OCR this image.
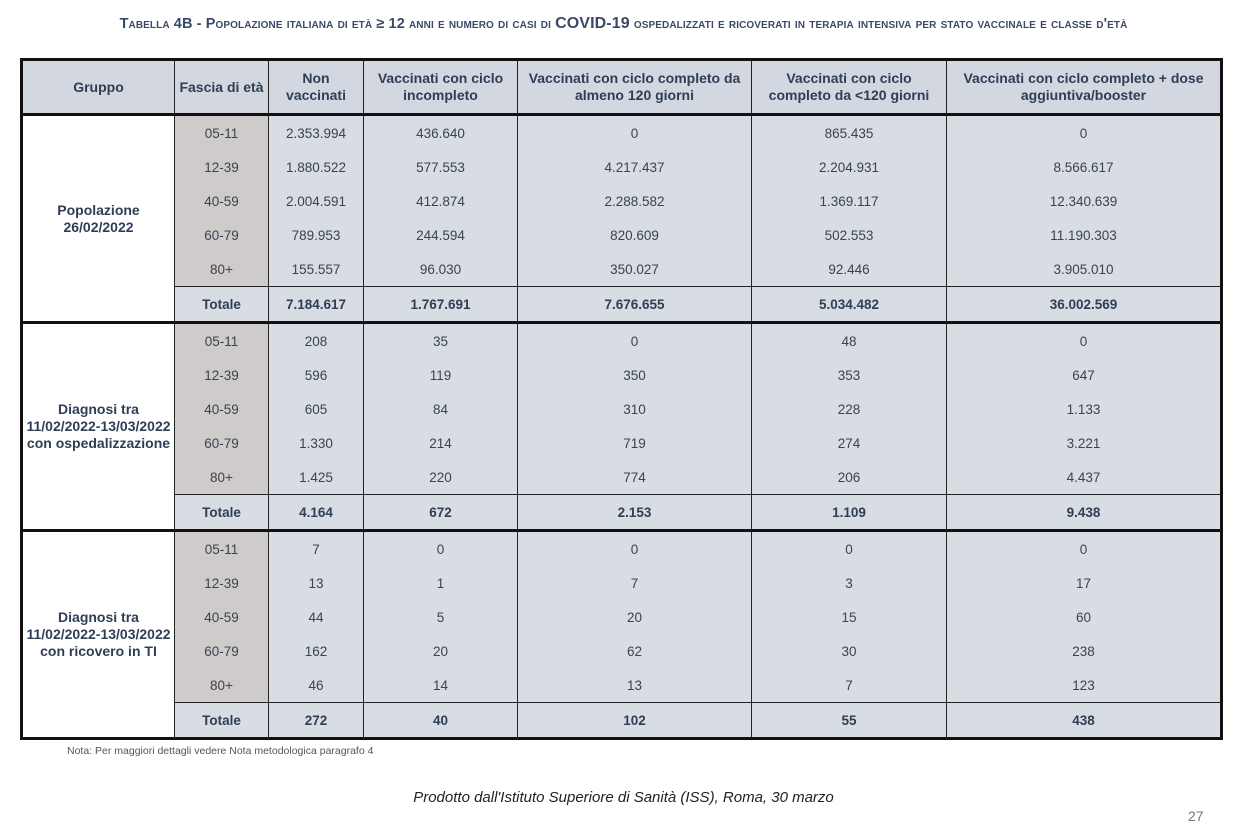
Tabella 4B - Popolazione italiana di età ≥ 12 anni e numero di casi di COVID-19 ospedalizzati e ricoverati in terapia intensiva per stato vaccinale e classe d'età
Gruppo	Fascia di età	Non vaccinati	Vaccinati con ciclo incompleto	Vaccinati con ciclo completo da almeno 120 giorni	Vaccinati con ciclo completo da <120 giorni	Vaccinati con ciclo completo + dose aggiuntiva/booster
Popolazione 26/02/2022	05-11	2.353.994	436.640	0	865.435	0
	12-39	1.880.522	577.553	4.217.437	2.204.931	8.566.617
	40-59	2.004.591	412.874	2.288.582	1.369.117	12.340.639
	60-79	789.953	244.594	820.609	502.553	11.190.303
	80+	155.557	96.030	350.027	92.446	3.905.010
	Totale	7.184.617	1.767.691	7.676.655	5.034.482	36.002.569
Diagnosi tra 11/02/2022-13/03/2022 con ospedalizzazione	05-11	208	35	0	48	0
	12-39	596	119	350	353	647
	40-59	605	84	310	228	1.133
	60-79	1.330	214	719	274	3.221
	80+	1.425	220	774	206	4.437
	Totale	4.164	672	2.153	1.109	9.438
Diagnosi tra 11/02/2022-13/03/2022 con ricovero in TI	05-11	7	0	0	0	0
	12-39	13	1	7	3	17
	40-59	44	5	20	15	60
	60-79	162	20	62	30	238
	80+	46	14	13	7	123
	Totale	272	40	102	55	438
Nota: Per maggiori dettagli vedere Nota metodologica paragrafo 4
Prodotto dall'Istituto Superiore di Sanità (ISS), Roma, 30 marzo
27
